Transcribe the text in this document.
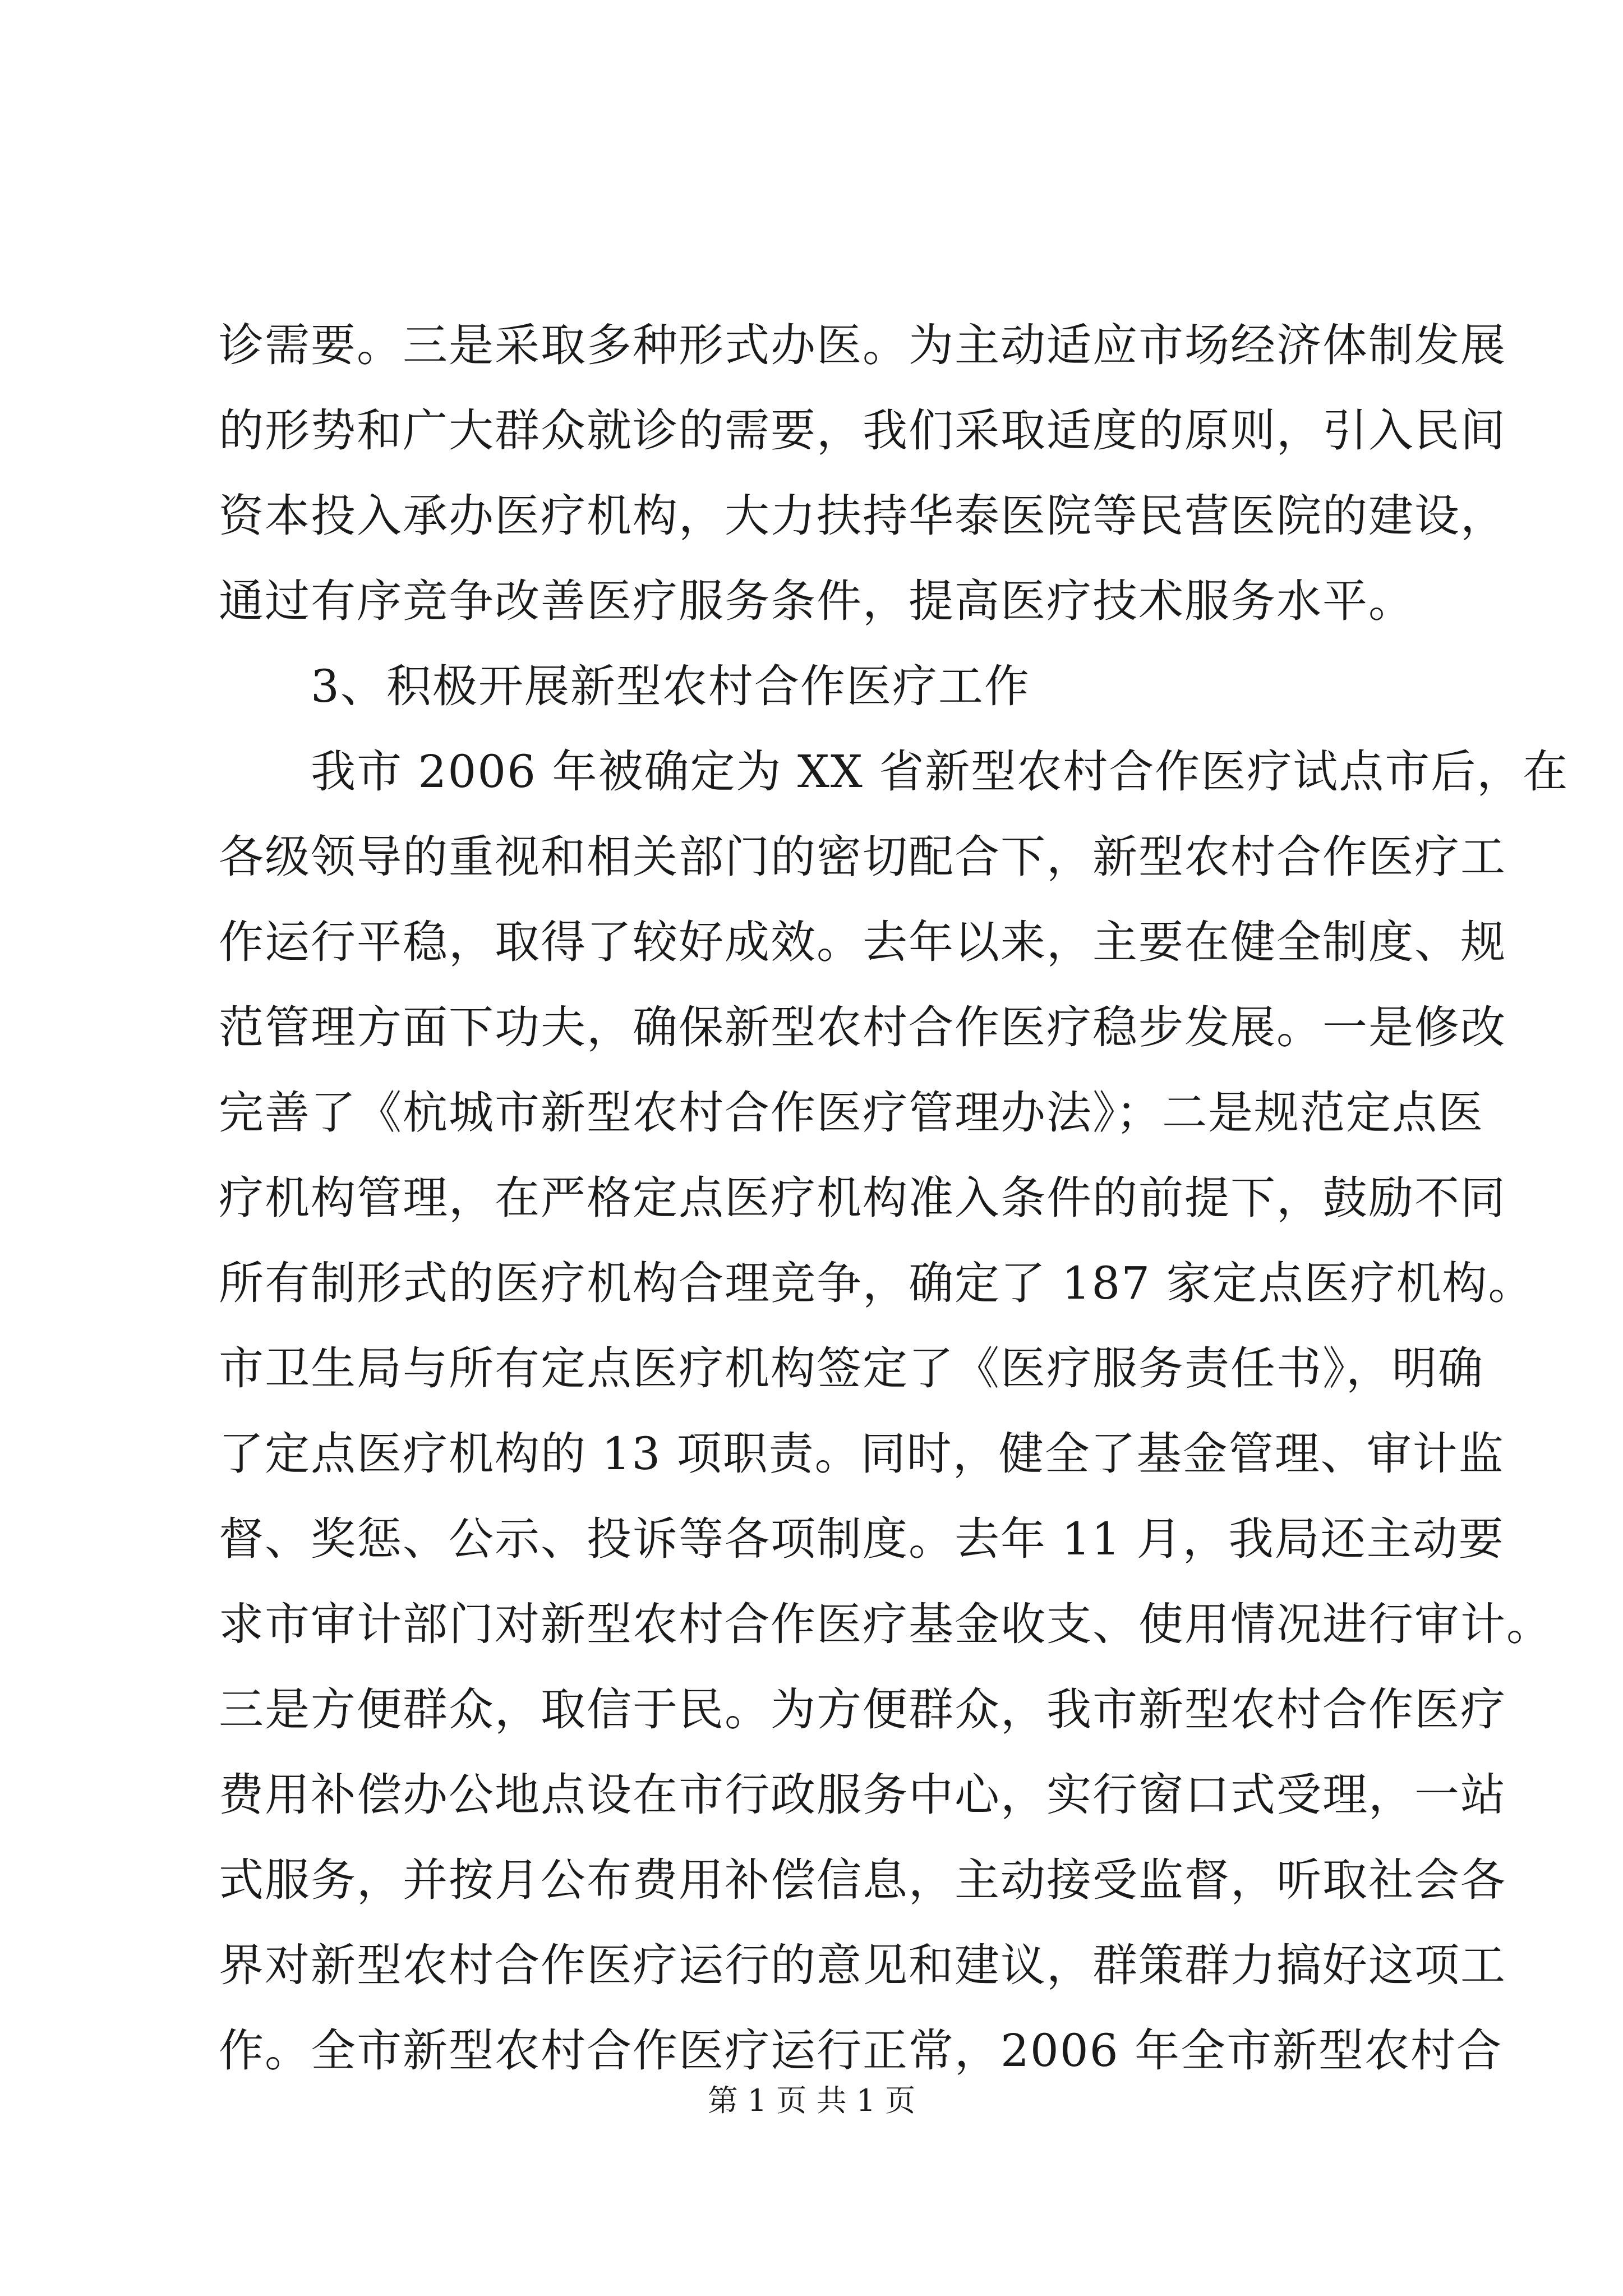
诊需要。三是采取多种形式办医。为主动适应市场经济体制发展
的形势和广大群众就诊的需要，我们采取适度的原则，引入民间
资本投入承办医疗机构，大力扶持华泰医院等民营医院的建设，
通过有序竞争改善医疗服务条件，提高医疗技术服务水平。
3、积极开展新型农村合作医疗工作
我市 2006 年被确定为 XX 省新型农村合作医疗试点市后，在
各级领导的重视和相关部门的密切配合下，新型农村合作医疗工
作运行平稳，取得了较好成效。去年以来，主要在健全制度、规
范管理方面下功夫，确保新型农村合作医疗稳步发展。一是修改
完善了《杭城市新型农村合作医疗管理办法》；二是规范定点医
疗机构管理，在严格定点医疗机构准入条件的前提下，鼓励不同
所有制形式的医疗机构合理竞争，确定了 187 家定点医疗机构。
市卫生局与所有定点医疗机构签定了《医疗服务责任书》，明确
了定点医疗机构的 13 项职责。同时，健全了基金管理、审计监
督、奖惩、公示、投诉等各项制度。去年 11 月，我局还主动要
求市审计部门对新型农村合作医疗基金收支、使用情况进行审计。
三是方便群众，取信于民。为方便群众，我市新型农村合作医疗
费用补偿办公地点设在市行政服务中心，实行窗口式受理，一站
式服务，并按月公布费用补偿信息，主动接受监督，听取社会各
界对新型农村合作医疗运行的意见和建议，群策群力搞好这项工
作。全市新型农村合作医疗运行正常，2006 年全市新型农村合
第 1 页 共 1 页
